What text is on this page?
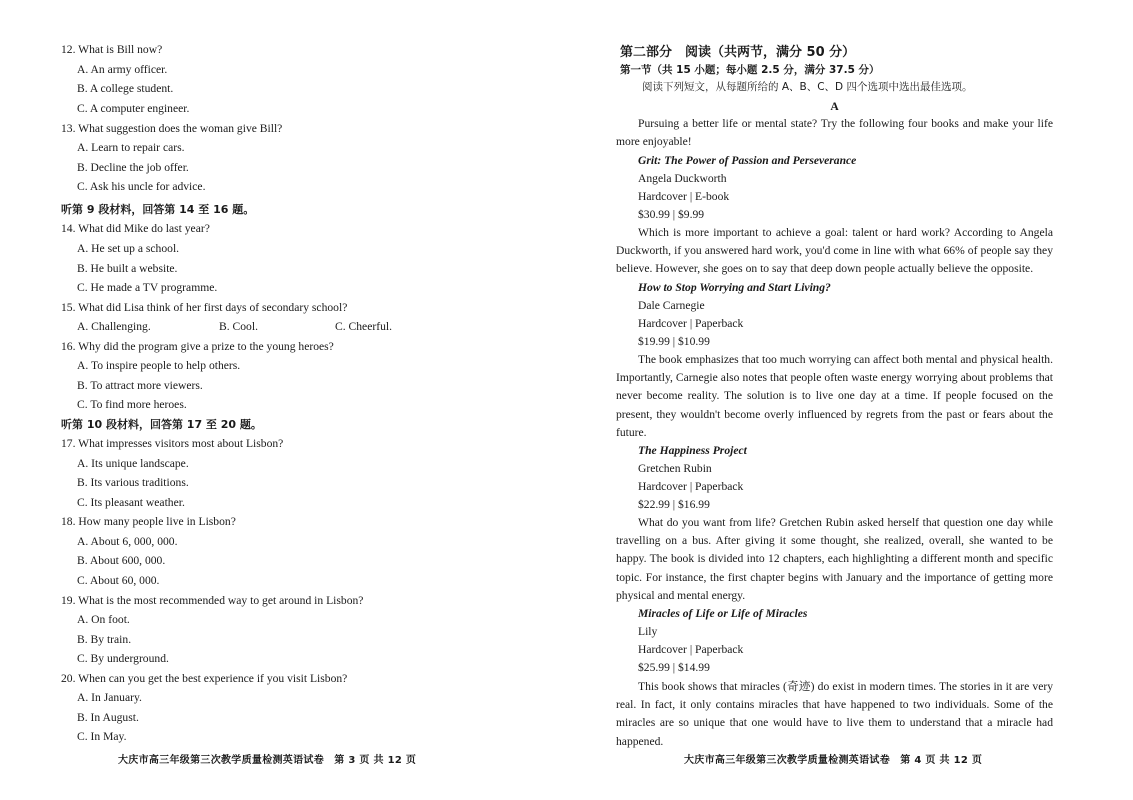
12. What is Bill now?
A. An army officer.
B. A college student.
C. A computer engineer.
13. What suggestion does the woman give Bill?
A. Learn to repair cars.
B. Decline the job offer.
C. Ask his uncle for advice.
听第 9 段材料，回答第 14 至 16 题。
14. What did Mike do last year?
A. He set up a school.
B. He built a website.
C. He made a TV programme.
15. What did Lisa think of her first days of secondary school?
A. Challenging.	B. Cool.	C. Cheerful.
16. Why did the program give a prize to the young heroes?
A. To inspire people to help others.
B. To attract more viewers.
C. To find more heroes.
听第 10 段材料，回答第 17 至 20 题。
17. What impresses visitors most about Lisbon?
A. Its unique landscape.
B. Its various traditions.
C. Its pleasant weather.
18. How many people live in Lisbon?
A. About 6, 000, 000.
B. About 600, 000.
C. About 60, 000.
19. What is the most recommended way to get around in Lisbon?
A. On foot.
B. By train.
C. By underground.
20. When can you get the best experience if you visit Lisbon?
A. In January.
B. In August.
C. In May.
大庆市高三年级第三次教学质量检测英语试卷　第 3 页 共 12 页
第二部分　阅读（共两节，满分 50 分）
第一节（共 15 小题；每小题 2.5 分，满分 37.5 分）
阅读下列短文，从每题所给的 A、B、C、D 四个选项中选出最佳选项。
A
Pursuing a better life or mental state? Try the following four books and make your life more enjoyable!
Grit: The Power of Passion and Perseverance
Angela Duckworth
Hardcover | E-book
$30.99 | $9.99
Which is more important to achieve a goal: talent or hard work? According to Angela Duckworth, if you answered hard work, you'd come in line with what 66% of people say they believe. However, she goes on to say that deep down people actually believe the opposite.
How to Stop Worrying and Start Living?
Dale Carnegie
Hardcover | Paperback
$19.99 | $10.99
The book emphasizes that too much worrying can affect both mental and physical health. Importantly, Carnegie also notes that people often waste energy worrying about problems that never become reality. The solution is to live one day at a time. If people focused on the present, they wouldn't become overly influenced by regrets from the past or fears about the future.
The Happiness Project
Gretchen Rubin
Hardcover | Paperback
$22.99 | $16.99
What do you want from life? Gretchen Rubin asked herself that question one day while travelling on a bus. After giving it some thought, she realized, overall, she wanted to be happy. The book is divided into 12 chapters, each highlighting a different month and specific topic. For instance, the first chapter begins with January and the importance of getting more physical and mental energy.
Miracles of Life or Life of Miracles
Lily
Hardcover | Paperback
$25.99 | $14.99
This book shows that miracles (奇迹) do exist in modern times. The stories in it are very real. In fact, it only contains miracles that have happened to two individuals. Some of the miracles are so unique that one would have to live them to understand that a miracle had happened.
大庆市高三年级第三次教学质量检测英语试卷　第 4 页 共 12 页
